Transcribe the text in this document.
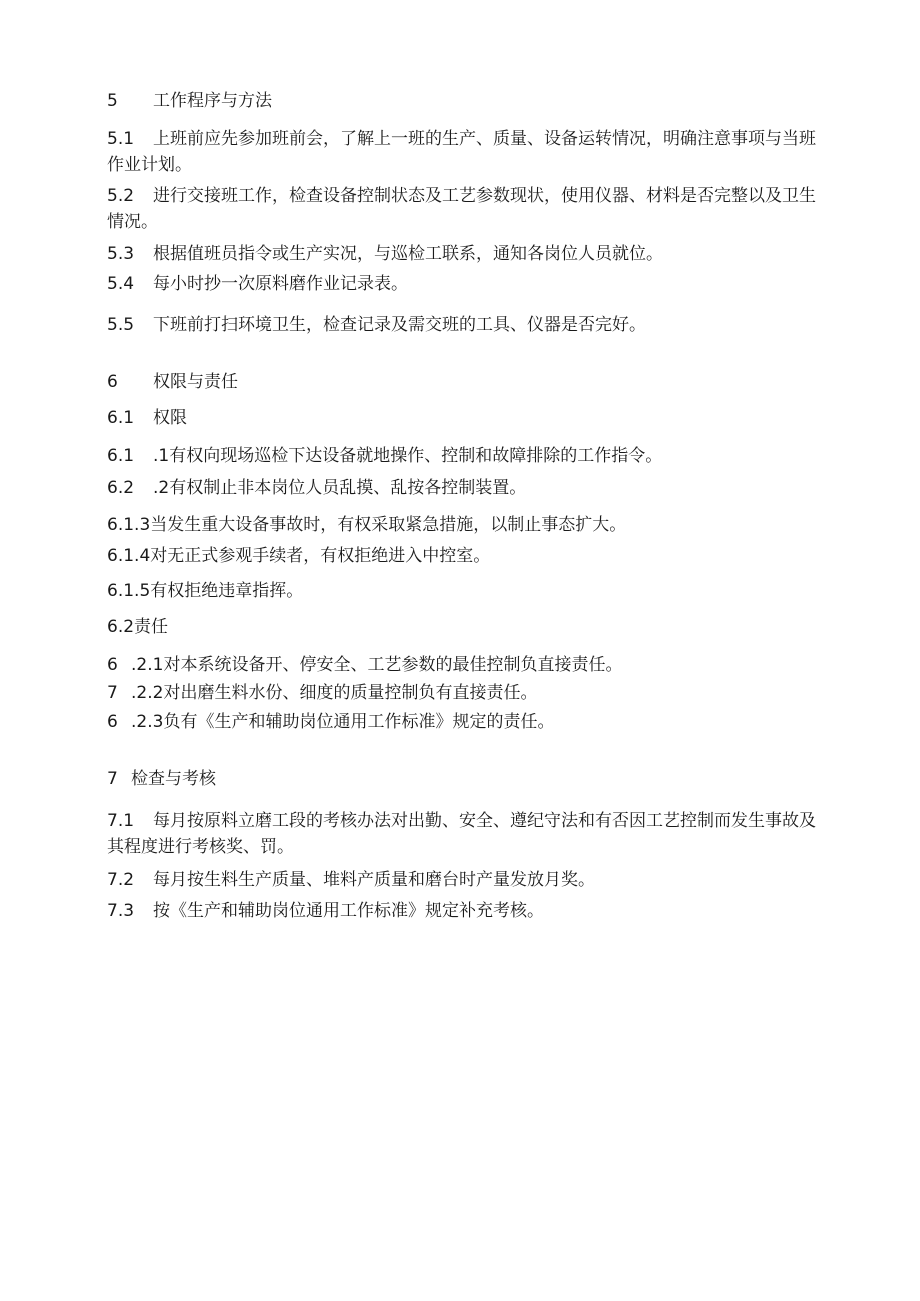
5 工作程序与方法
5.1 上班前应先参加班前会，了解上一班的生产、质量、设备运转情况，明确注意事项与当班作业计划。
5.2 进行交接班工作，检查设备控制状态及工艺参数现状，使用仪器、材料是否完整以及卫生情况。
5.3 根据值班员指令或生产实况，与巡检工联系，通知各岗位人员就位。
5.4 每小时抄一次原料磨作业记录表。
5.5 下班前打扫环境卫生，检查记录及需交班的工具、仪器是否完好。
6 权限与责任
6.1 权限
6.1 .1有权向现场巡检下达设备就地操作、控制和故障排除的工作指令。
6.2 .2有权制止非本岗位人员乱摸、乱按各控制装置。
6.1.3当发生重大设备事故时，有权采取紧急措施，以制止事态扩大。
6.1.4对无正式参观手续者，有权拒绝进入中控室。
6.1.5有权拒绝违章指挥。
6.2责任
6 .2.1对本系统设备开、停安全、工艺参数的最佳控制负直接责任。
7 .2.2对出磨生料水份、细度的质量控制负有直接责任。
6 .2.3负有《生产和辅助岗位通用工作标准》规定的责任。
7 检查与考核
7.1 每月按原料立磨工段的考核办法对出勤、安全、遵纪守法和有否因工艺控制而发生事故及其程度进行考核奖、罚。
7.2 每月按生料生产质量、堆料产质量和磨台时产量发放月奖。
7.3 按《生产和辅助岗位通用工作标准》规定补充考核。
